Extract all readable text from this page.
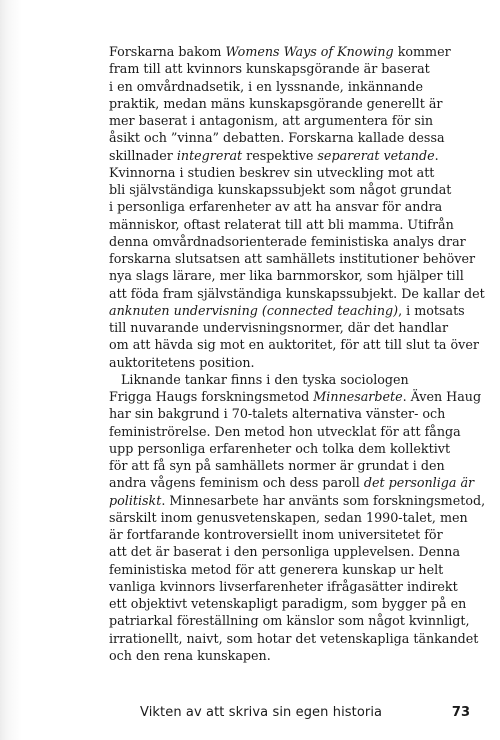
Forskarna bakom Womens Ways of Knowing kommer
fram till att kvinnors kunskapsgörande är baserat
i en omvårdnadsetik, i en lyssnande, inkännande
praktik, medan mäns kunskapsgörande generellt är
mer baserat i antagonism, att argumentera för sin
åsikt och ”vinna” debatten. Forskarna kallade dessa
skillnader integrerat respektive separerat vetande.
Kvinnorna i studien beskrev sin utveckling mot att
bli självständiga kunskapssubjekt som något grundat
i personliga erfarenheter av att ha ansvar för andra
människor, oftast relaterat till att bli mamma. Utifrån
denna omvårdnadsorienterade feministiska analys drar
forskarna slutsatsen att samhällets institutioner behöver
nya slags lärare, mer lika barnmorskor, som hjälper till
att föda fram självständiga kunskapssubjekt. De kallar det
anknuten undervisning (connected teaching), i motsats
till nuvarande undervisningsnormer, där det handlar
om att hävda sig mot en auktoritet, för att till slut ta över
auktoritetens position.
Liknande tankar finns i den tyska sociologen
Frigga Haugs forskningsmetod Minnesarbete. Även Haug
har sin bakgrund i 70-talets alternativa vänster- och
feministrörelse. Den metod hon utvecklat för att fånga
upp personliga erfarenheter och tolka dem kollektivt
för att få syn på samhällets normer är grundat i den
andra vågens feminism och dess paroll det personliga är
politiskt. Minnesarbete har använts som forskningsmetod,
särskilt inom genusvetenskapen, sedan 1990-talet, men
är fortfarande kontroversiellt inom universitetet för
att det är baserat i den personliga upplevelsen. Denna
feministiska metod för att generera kunskap ur helt
vanliga kvinnors livserfarenheter ifrågasätter indirekt
ett objektivt vetenskapligt paradigm, som bygger på en
patriarkal föreställning om känslor som något kvinnligt,
irrationellt, naivt, som hotar det vetenskapliga tänkandet
och den rena kunskapen.
Vikten av att skriva sin egen historia	73
